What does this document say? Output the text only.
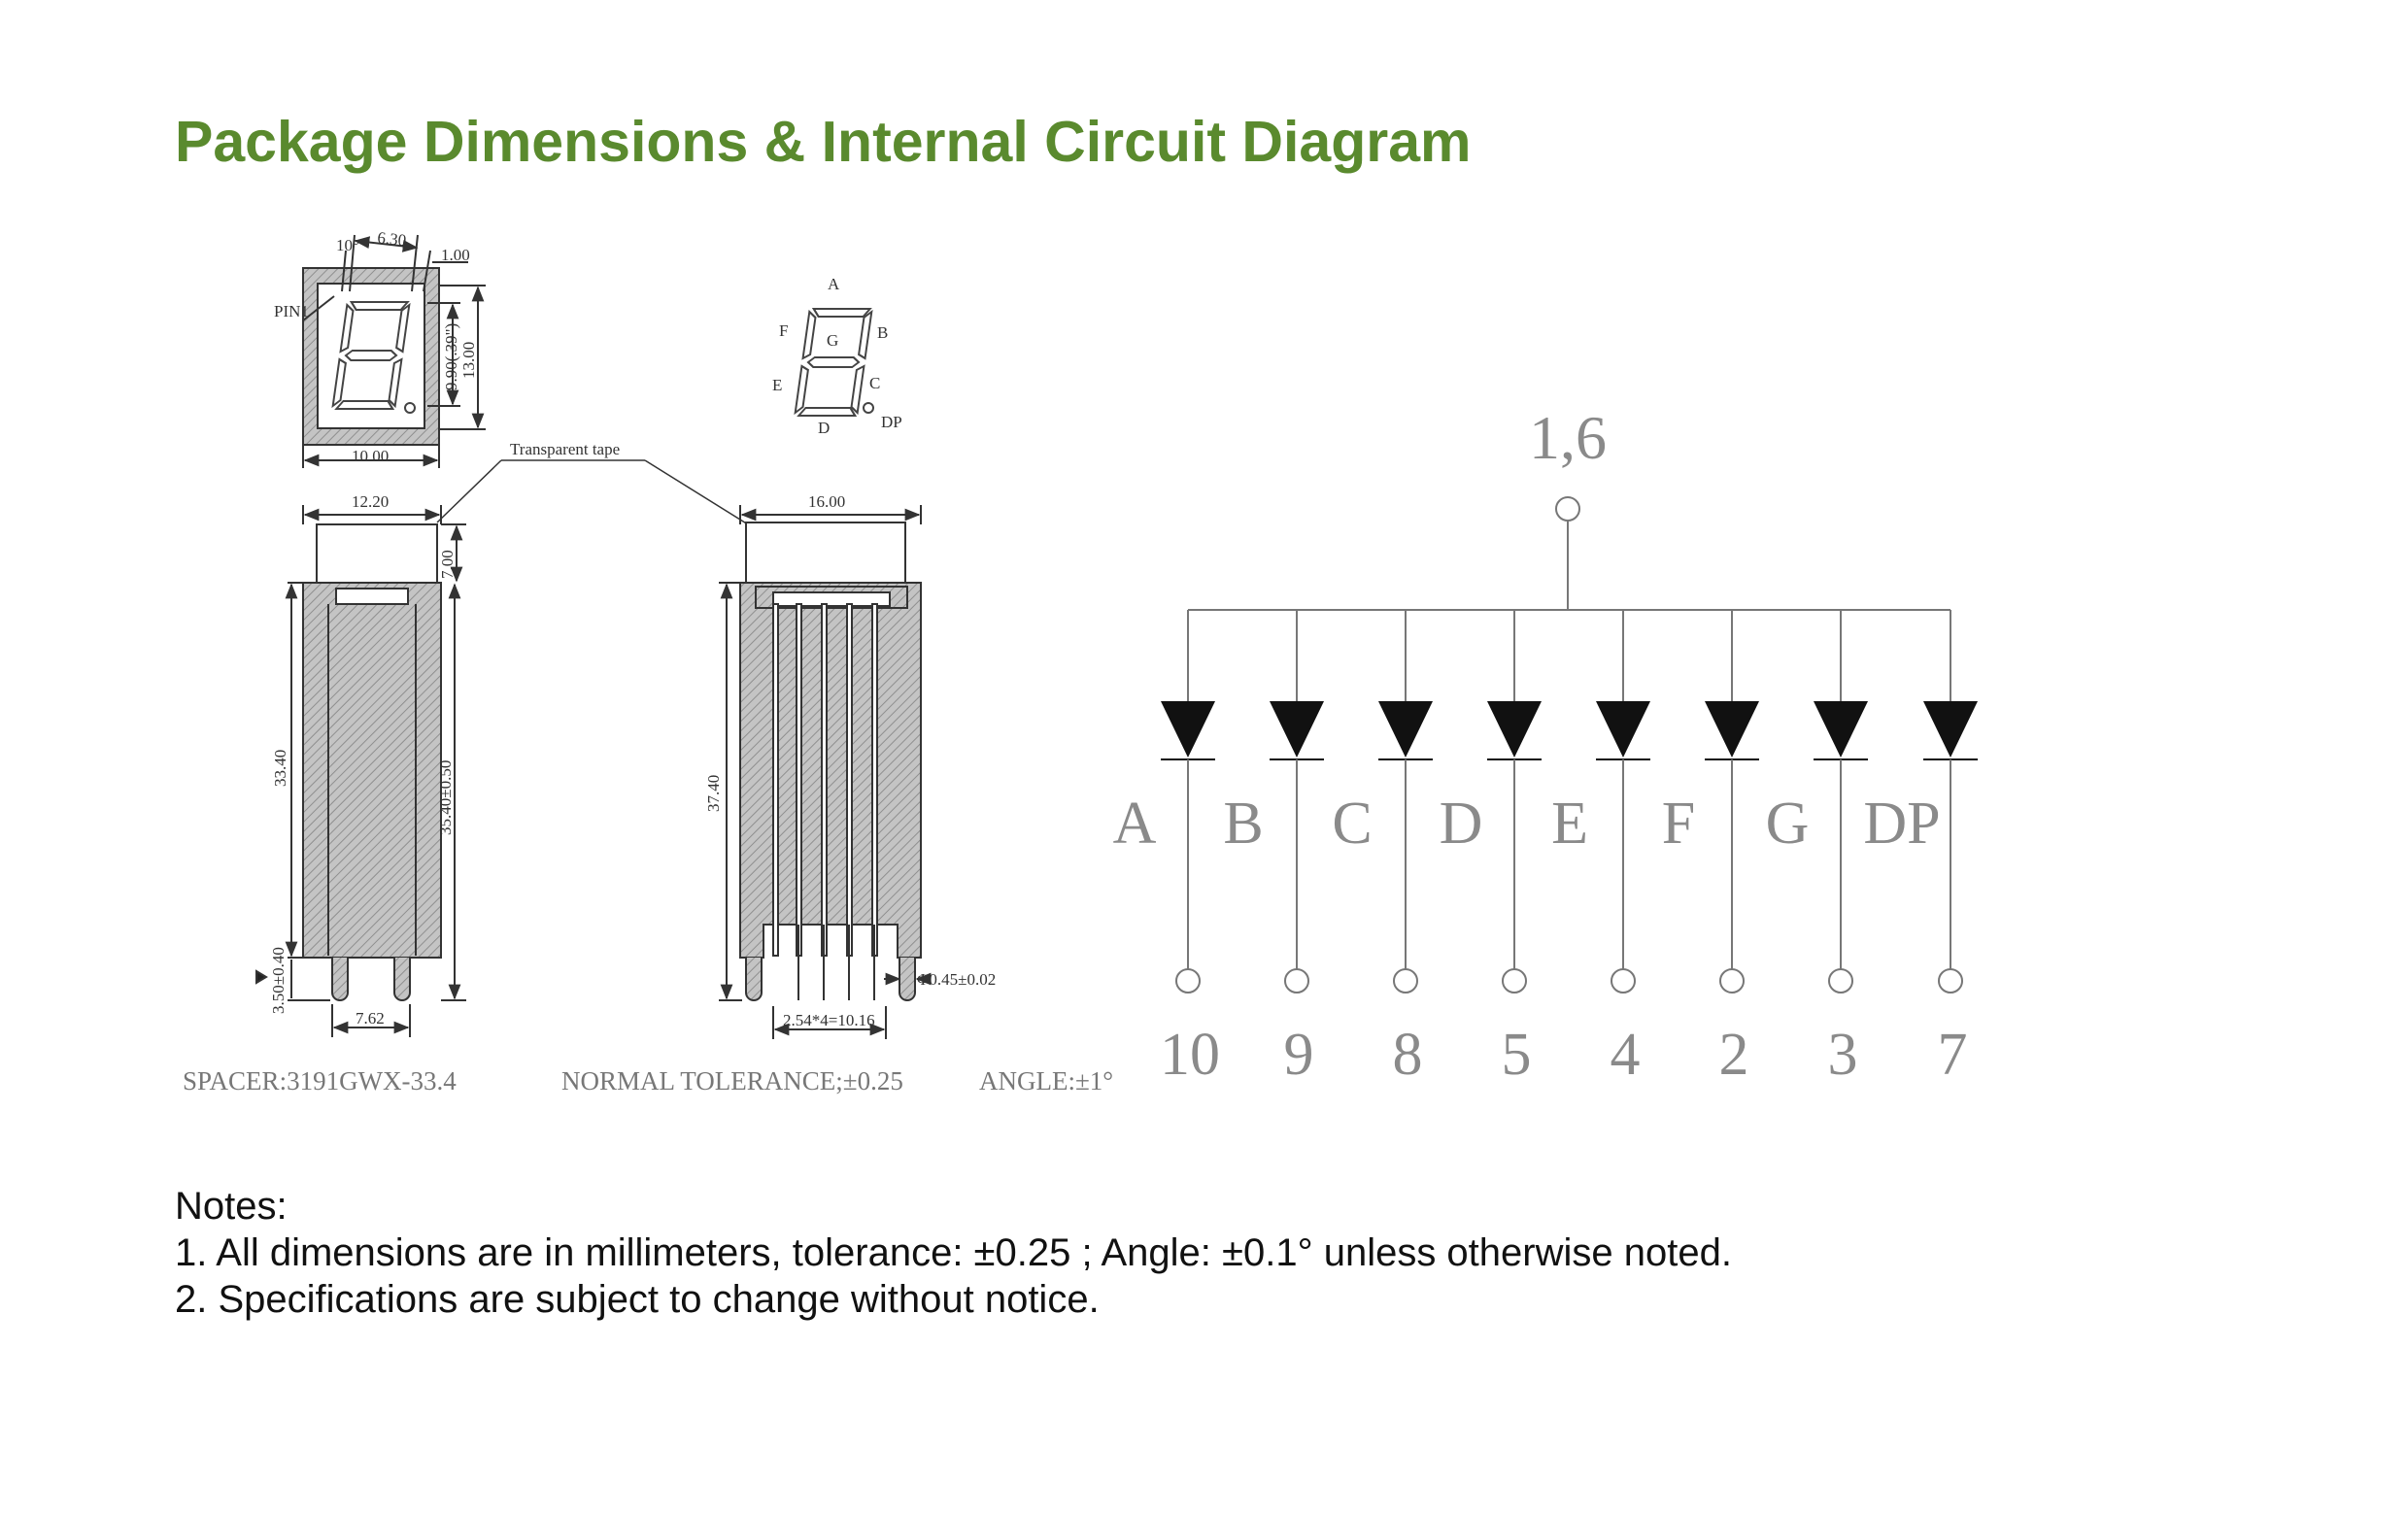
Package Dimensions & Internal Circuit Diagram
10° 6.30
1.00
PIN1
9.90(.39") 13.00
10.00
A
B
C
D
E
F
G
DP
12.20
7.00
33.40	35.40±0.50
3.50±0.40
7.62
Transparent tape
16.00
37.40
Φ0.45±0.02
2.54*4=10.16
SPACER:3191GWX-33.4	NORMAL TOLERANCE;±0.25	ANGLE:±1°
1,6
A
10
B
9
C
8
D
5
E
4
F
2
G
3
DP
7
Notes:
1. All dimensions are in millimeters, tolerance: ±0.25 ; Angle: ±0.1° unless otherwise noted.
2. Specifications are subject to change without notice.
